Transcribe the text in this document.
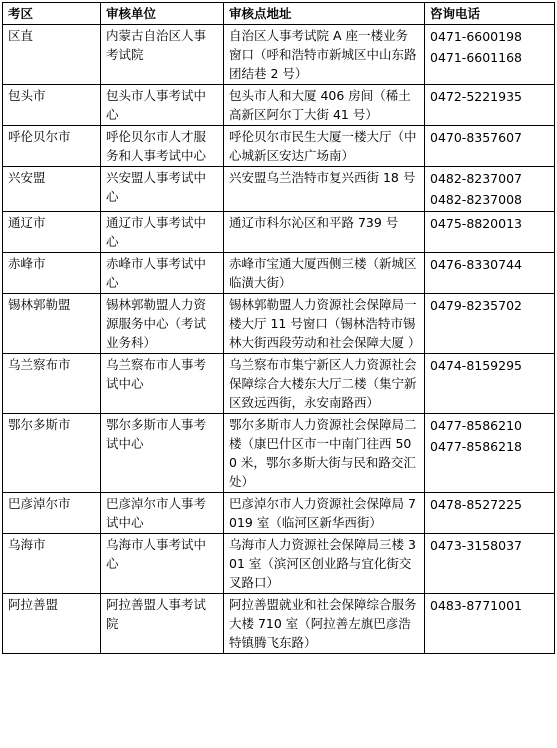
考区	审核单位	审核点地址	咨询电话
区直	内蒙古自治区人事考试院	自治区人事考试院 A 座一楼业务窗口（呼和浩特市新城区中山东路团结巷 2 号）	0471-6600198
0471-6601168

包头市	包头市人事考试中心	包头市人和大厦 406 房间（稀土高新区阿尔丁大街 41 号）	0472-5221935

呼伦贝尔市	呼伦贝尔市人才服务和人事考试中心	呼伦贝尔市民生大厦一楼大厅（中心城新区安达广场南）	0470-8357607

兴安盟	兴安盟人事考试中心	兴安盟乌兰浩特市复兴西街 18 号	0482-8237007
0482-8237008

通辽市	通辽市人事考试中心	通辽市科尔沁区和平路 739 号	0475-8820013

赤峰市	赤峰市人事考试中心	赤峰市宝通大厦西侧三楼（新城区临潢大街）	0476-8330744

锡林郭勒盟	锡林郭勒盟人力资源服务中心（考试业务科）	锡林郭勒盟人力资源社会保障局一楼大厅 11 号窗口（锡林浩特市锡林大街西段劳动和社会保障大厦 ）	0479-8235702

乌兰察布市	乌兰察布市人事考试中心	乌兰察布市集宁新区人力资源社会保障综合大楼东大厅二楼（集宁新区致远西街，永安南路西）	0474-8159295

鄂尔多斯市	鄂尔多斯市人事考试中心	鄂尔多斯市人力资源社会保障局二楼（康巴什区市一中南门往西 500 米，鄂尔多斯大街与民和路交汇处）	0477-8586210
0477-8586218

巴彦淖尔市	巴彦淖尔市人事考试中心	巴彦淖尔市人力资源社会保障局 7019 室（临河区新华西街）	0478-8527225

乌海市	乌海市人事考试中心	乌海市人力资源社会保障局三楼 301 室（滨河区创业路与宜化街交叉路口）	0473-3158037

阿拉善盟	阿拉善盟人事考试院	阿拉善盟就业和社会保障综合服务大楼 710 室（阿拉善左旗巴彦浩特镇腾飞东路）	0483-8771001
